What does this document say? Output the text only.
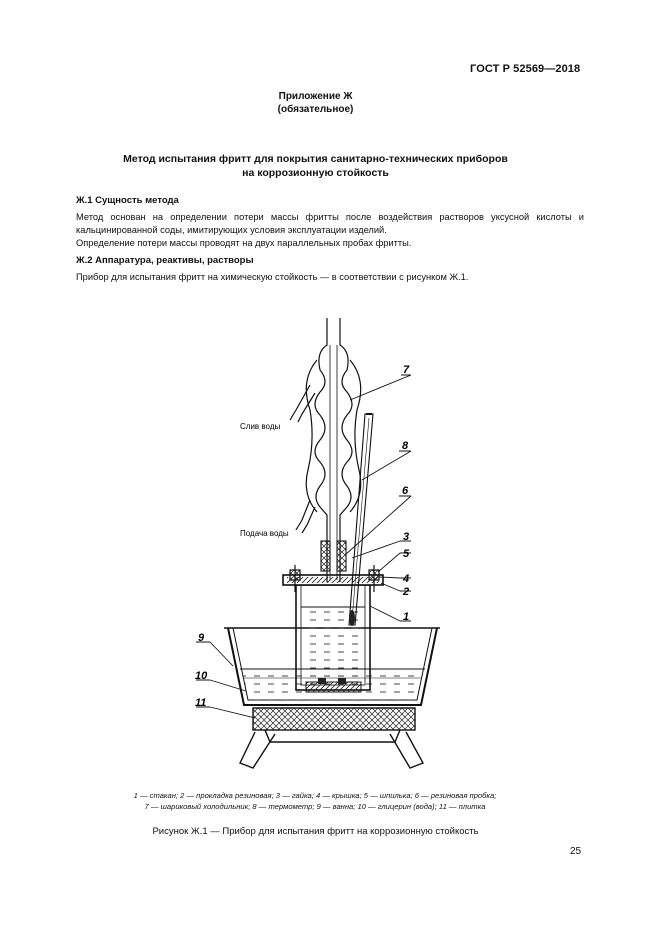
ГОСТ Р 52569—2018
Приложение Ж
(обязательное)
Метод испытания фритт для покрытия санитарно-технических приборов
на коррозионную стойкость
Ж.1 Сущность метода
Метод основан на определении потери массы фритты после воздействия растворов уксусной кислоты и
кальцинированной соды, имитирующих условия эксплуатации изделий.
Определение потери массы проводят на двух параллельных пробах фритты.
Ж.2 Аппаратура, реактивы, растворы
Прибор для испытания фритт на химическую стойкость — в соответствии с рисунком Ж.1.
Слив воды
Подача воды
7
8
6
3
5
4
2
1
9
10
11
1 — стакан; 2 — прокладка резиновая; 3 — гайка; 4 — крышка; 5 — шпилька; 6 — резиновая пробка;
7 — шариковый холодильник; 8 — термометр; 9 — ванна; 10 — глицерин (вода); 11 — плитка
Рисунок Ж.1 — Прибор для испытания фритт на коррозионную стойкость
25
